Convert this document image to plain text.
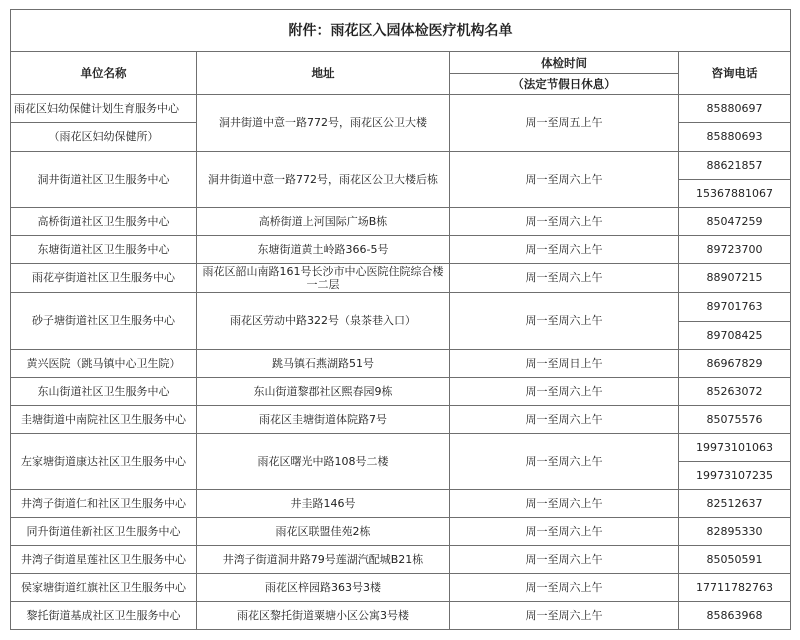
附件：雨花区入园体检医疗机构名单			
单位名称	地址	体检时间	咨询电话
		（法定节假日休息）	
雨花区妇幼保健计划生育服务中心	洞井街道中意一路772号，雨花区公卫大楼	周一至周五上午	85880697
（雨花区妇幼保健所）			85880693
洞井街道社区卫生服务中心	洞井街道中意一路772号，雨花区公卫大楼后栋	周一至周六上午	88621857
			15367881067
高桥街道社区卫生服务中心	高桥街道上河国际广场B栋	周一至周六上午	85047259
东塘街道社区卫生服务中心	东塘街道黄土岭路366-5号	周一至周六上午	89723700
雨花亭街道社区卫生服务中心	雨花区韶山南路161号长沙市中心医院住院综合楼一二层	周一至周六上午	88907215
砂子塘街道社区卫生服务中心	雨花区劳动中路322号（泉茶巷入口）	周一至周六上午	89701763
			89708425
黄兴医院（跳马镇中心卫生院）	跳马镇石燕湖路51号	周一至周日上午	86967829
东山街道社区卫生服务中心	东山街道黎郡社区熙春园9栋	周一至周六上午	85263072
圭塘街道中南院社区卫生服务中心	雨花区圭塘街道体院路7号	周一至周六上午	85075576
左家塘街道康达社区卫生服务中心	雨花区曙光中路108号二楼	周一至周六上午	19973101063
			19973107235
井湾子街道仁和社区卫生服务中心	井圭路146号	周一至周六上午	82512637
同升街道佳新社区卫生服务中心	雨花区联盟佳苑2栋	周一至周六上午	82895330
井湾子街道星莲社区卫生服务中心	井湾子街道洞井路79号莲湖汽配城B21栋	周一至周六上午	85050591
侯家塘街道红旗社区卫生服务中心	雨花区梓园路363号3楼	周一至周六上午	17711782763
黎托街道基成社区卫生服务中心	雨花区黎托街道粟塘小区公寓3号楼	周一至周六上午	85863968
